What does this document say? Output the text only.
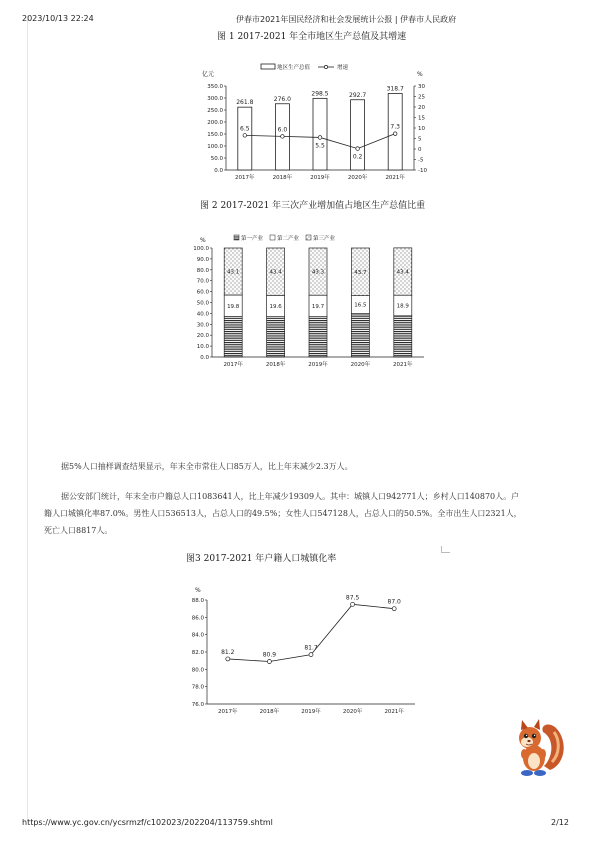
2023/10/13 22:24	伊春市2021年国民经济和社会发展统计公报 | 伊春市人民政府
图 1 2017-2021 年全市地区生产总值及其增速
亿元	%
地区生产总值	增速
0.0
50.0
100.0
150.0
200.0
250.0
300.0
350.0
-10
-5
0
5
10
15
20
25
30
2017年	2018年	2019年	2020年	2021年
261.8	276.0
298.5	292.7
318.7
6.5	6.0
5.5
0.2
7.3
图 2 2017-2021 年三次产业增加值占地区生产总值比重
%	第一产业	第二产业	第三产业
0.0
10.0
20.0
30.0
40.0
50.0
60.0
70.0
80.0
90.0
100.0
2017年	2018年	2019年	2020年	2021年
19.8
43.1
19.6
43.4
19.7
43.3
16.5
43.7
18.9
43.4
据5%人口抽样调查结果显示，年末全市常住人口85万人，比上年末减少2.3万人。
据公安部门统计，年末全市户籍总人口1083641人，比上年减少19309人。其中：城镇人口942771人；乡村人口140870人。户
籍人口城镇化率87.0%。男性人口536513人，占总人口的49.5%；女性人口547128人，占总人口的50.5%。全市出生人口2321人，
死亡人口8817人。
图3 2017-2021 年户籍人口城镇化率
%
76.0
78.0
80.0
82.0
84.0
86.0
88.0
2017年	2018年	2019年	2020年	2021年
81.2	80.9
81.7
87.5
87.0
https://www.yc.gov.cn/ycsrmzf/c102023/202204/113759.shtml	2/12
